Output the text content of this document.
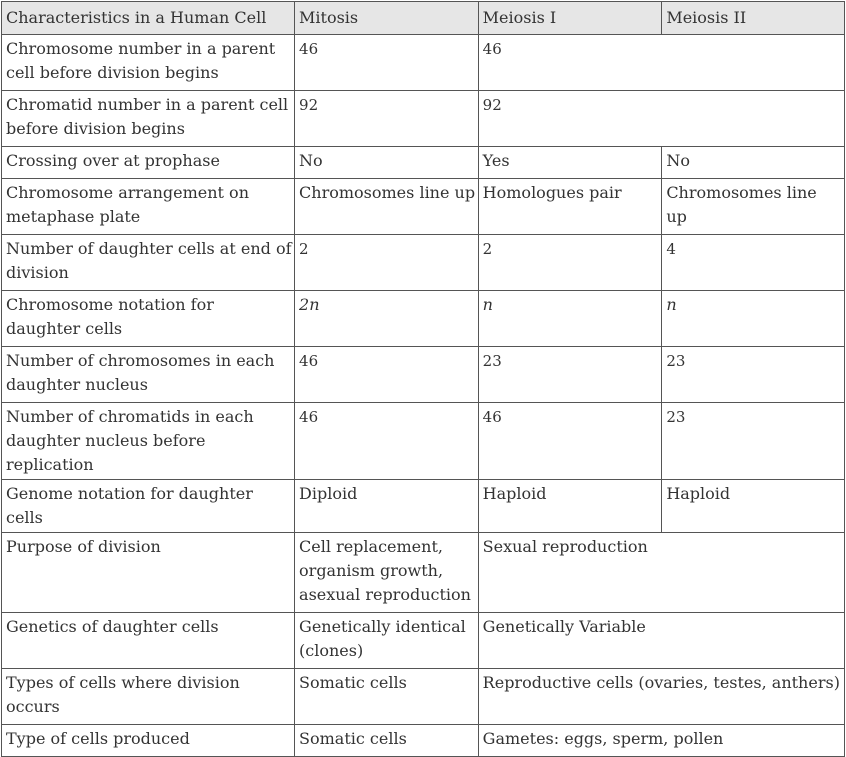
Characteristics in a Human Cell	Mitosis	Meiosis I	Meiosis II
Chromosome number in a parent cell before division begins	46	46	
Chromatid number in a parent cell before division begins	92	92	
Crossing over at prophase	No	Yes	No
Chromosome arrangement on metaphase plate	Chromosomes line up	Homologues pair	Chromosomes line up
Number of daughter cells at end of division	2	2	4
Chromosome notation for daughter cells	2n	n	n
Number of chromosomes in each daughter nucleus	46	23	23
Number of chromatids in each daughter nucleus before replication	46	46	23
Genome notation for daughter cells	Diploid	Haploid	Haploid
Purpose of division	Cell replacement, organism growth, asexual reproduction	Sexual reproduction	
Genetics of daughter cells	Genetically identical (clones)	Genetically Variable	
Types of cells where division occurs	Somatic cells	Reproductive cells (ovaries, testes, anthers)	
Type of cells produced	Somatic cells	Gametes: eggs, sperm, pollen	
